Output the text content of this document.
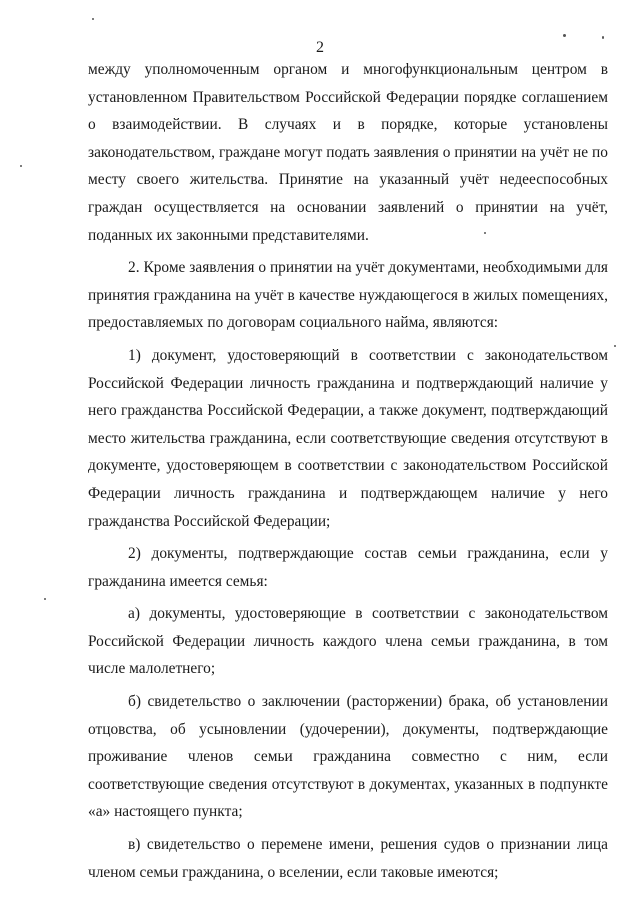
2

между уполномоченным органом и многофункциональным центром в установленном Правительством Российской Федерации порядке соглашением о взаимодействии. В случаях и в порядке, которые установлены законодательством, граждане могут подать заявления о принятии на учёт не по месту своего жительства. Принятие на указанный учёт недееспособных граждан осуществляется на основании заявлений о принятии на учёт, поданных их законными представителями.

2. Кроме заявления о принятии на учёт документами, необходимыми для принятия гражданина на учёт в качестве нуждающегося в жилых помещениях, предоставляемых по договорам социального найма, являются:

1) документ, удостоверяющий в соответствии с законодательством Российской Федерации личность гражданина и подтверждающий наличие у него гражданства Российской Федерации, а также документ, подтверждающий место жительства гражданина, если соответствующие сведения отсутствуют в документе, удостоверяющем в соответствии с законодательством Российской Федерации личность гражданина и подтверждающем наличие у него гражданства Российской Федерации;

2) документы, подтверждающие состав семьи гражданина, если у гражданина имеется семья:

а) документы, удостоверяющие в соответствии с законодательством Российской Федерации личность каждого члена семьи гражданина, в том числе малолетнего;

б) свидетельство о заключении (расторжении) брака, об установлении отцовства, об усыновлении (удочерении), документы, подтверждающие проживание членов семьи гражданина совместно с ним, если соответствующие сведения отсутствуют в документах, указанных в подпункте «а» настоящего пункта;

в) свидетельство о перемене имени, решения судов о признании лица членом семьи гражданина, о вселении, если таковые имеются;
